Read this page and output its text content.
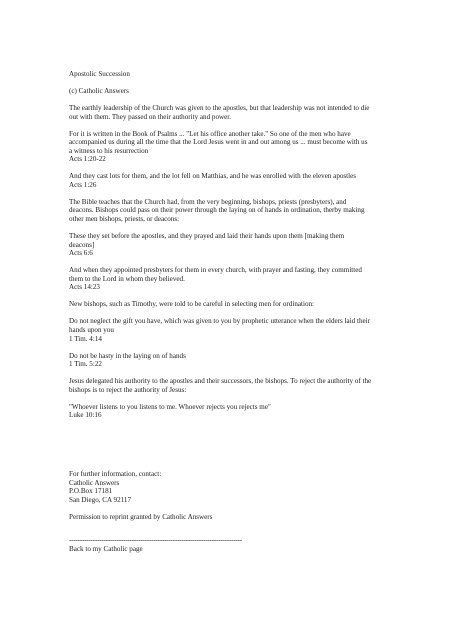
Apostolic Succession
(c) Catholic Answers
The earthly leadership of the Church was given to the apostles, but that leadership was not intended to die
out with them. They passed on their authority and power.
For it is written in the Book of Psalms ... "Let his office another take." So one of the men who have
accompanied us during all the time that the Lord Jesus went in and out among us ... must become with us
a witness to his resurrection
Acts 1:20-22
And they cast lots for them, and the lot fell on Matthias, and he was enrolled with the eleven apostles
Acts 1:26
The Bible teaches that the Church had, from the very beginning, bishops, priests (presbyters), and
deacons. Bishops could pass on their power through the laying on of hands in ordination, therby making
other men bishops, priests, or deacons:
These they set before the apostles, and they prayed and laid their hands upon them [making them
deacons]
Acts 6:6
And when they appointed presbyters for them in every church, with prayer and fasting, they committed
them to the Lord in whom they believed.
Acts 14:23
New bishops, such as Timothy, were told to be careful in selecting men for ordination:
Do not neglect the gift you have, which was given to you by prophetic utterance when the elders laid their
hands upon you
1 Tim. 4:14
Do not be hasty in the laying on of hands
1 Tim. 5:22
Jesus delegated his authority to the apostles and their successors, the bishops. To reject the authority of the
bishops is to reject the authority of Jesus:
"Whoever listens to you listens to me. Whoever rejects you rejects me"
Luke 10:16
For further information, contact:
Catholic Answers
P.O.Box 17181
San Diego, CA 92117
Permission to reprint granted by Catholic Answers
--------------------------------------------------------------------------------
Back to my Catholic page
